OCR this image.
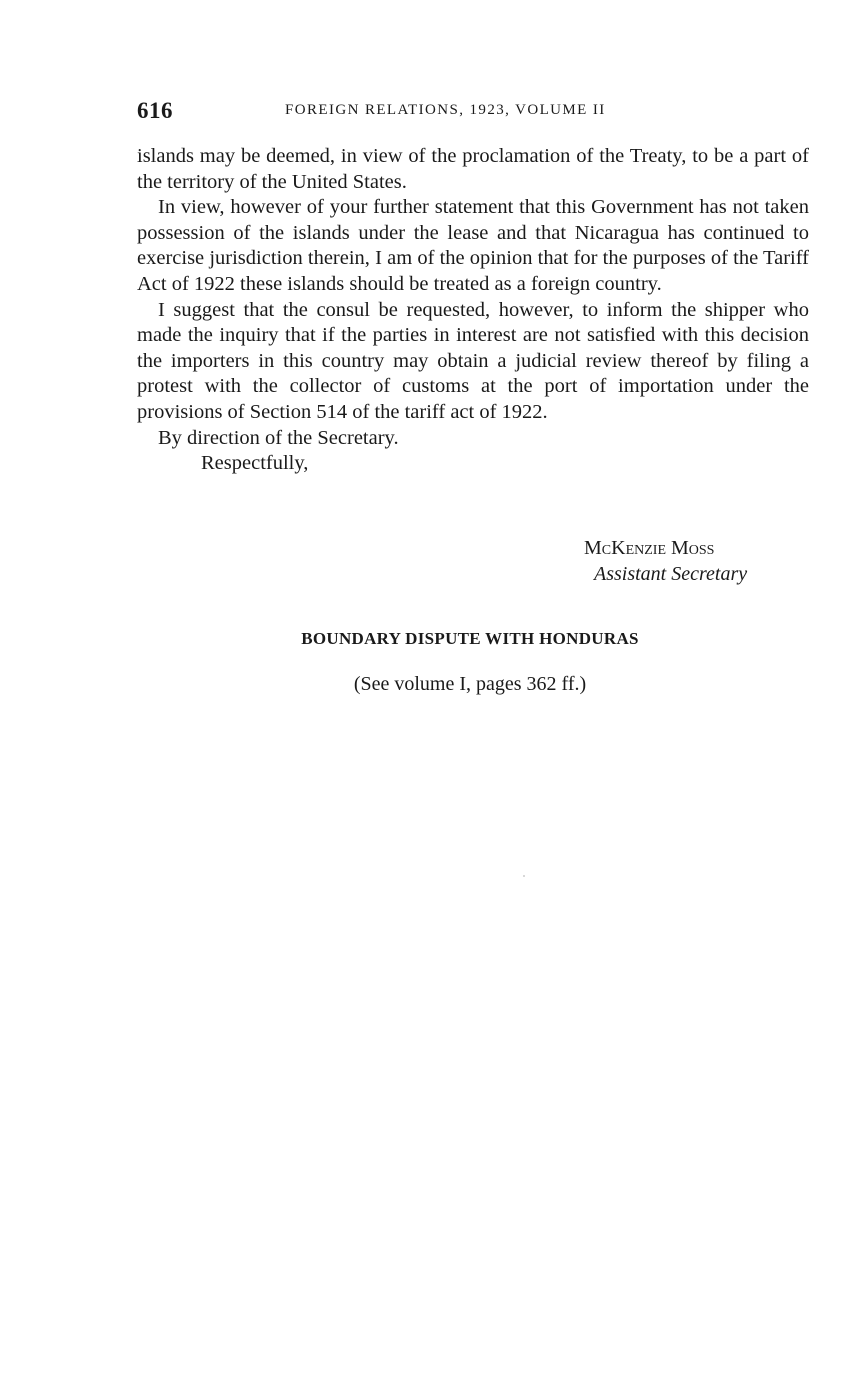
616	FOREIGN RELATIONS, 1923, VOLUME II

islands may be deemed, in view of the proclamation of the Treaty, to be a part of the territory of the United States.

In view, however of your further statement that this Government has not taken possession of the islands under the lease and that Nicaragua has continued to exercise jurisdiction therein, I am of the opinion that for the purposes of the Tariff Act of 1922 these islands should be treated as a foreign country.

I suggest that the consul be requested, however, to inform the shipper who made the inquiry that if the parties in interest are not satisfied with this decision the importers in this country may obtain a judicial review thereof by filing a protest with the collector of customs at the port of importation under the provisions of Section 514 of the tariff act of 1922.

By direction of the Secretary.

Respectfully,

McKenzie Moss

Assistant Secretary

BOUNDARY DISPUTE WITH HONDURAS
(See volume I, pages 362 ff.)
